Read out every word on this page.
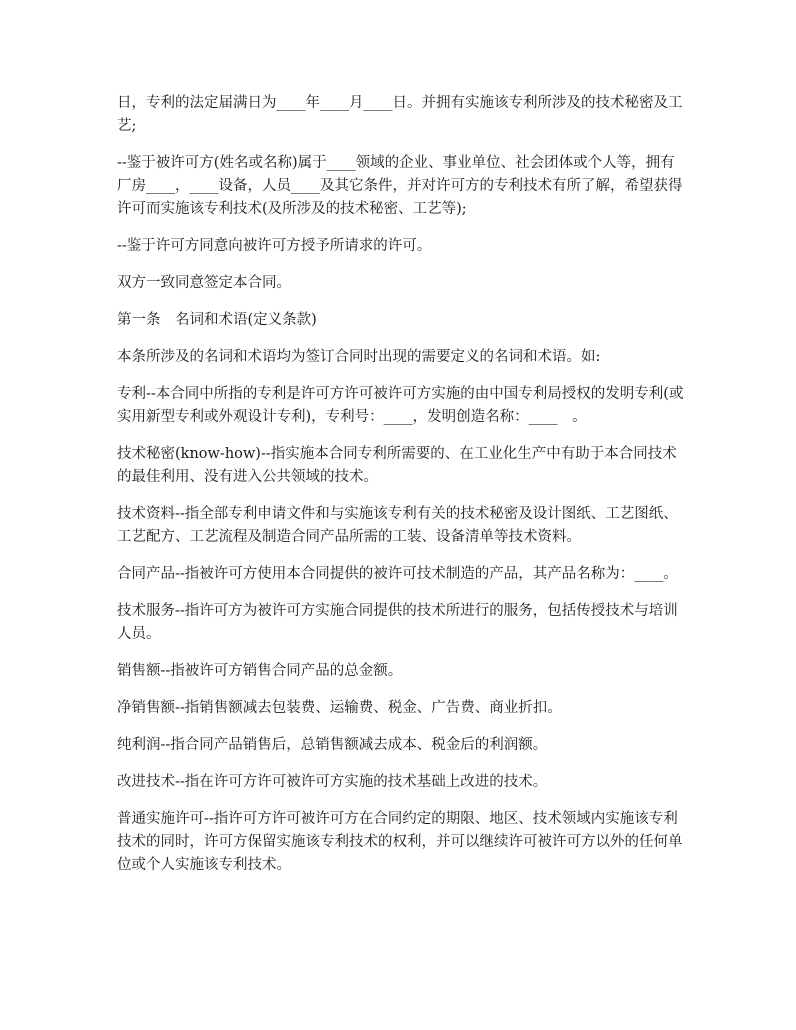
日，专利的法定届满日为____年____月____日。并拥有实施该专利所涉及的技术秘密及工艺;

--鉴于被许可方(姓名或名称)属于____领域的企业、事业单位、社会团体或个人等，拥有厂房____，____设备，人员____及其它条件，并对许可方的专利技术有所了解，希望获得许可而实施该专利技术(及所涉及的技术秘密、工艺等);

--鉴于许可方同意向被许可方授予所请求的许可。

双方一致同意签定本合同。

第一条　名词和术语(定义条款)

本条所涉及的名词和术语均为签订合同时出现的需要定义的名词和术语。如:

专利--本合同中所指的专利是许可方许可被许可方实施的由中国专利局授权的发明专利(或实用新型专利或外观设计专利)，专利号：____，发明创造名称：____　。

技术秘密(know-how)--指实施本合同专利所需要的、在工业化生产中有助于本合同技术的最佳利用、没有进入公共领域的技术。

技术资料--指全部专利申请文件和与实施该专利有关的技术秘密及设计图纸、工艺图纸、工艺配方、工艺流程及制造合同产品所需的工装、设备清单等技术资料。

合同产品--指被许可方使用本合同提供的被许可技术制造的产品，其产品名称为：____。

技术服务--指许可方为被许可方实施合同提供的技术所进行的服务，包括传授技术与培训人员。

销售额--指被许可方销售合同产品的总金额。

净销售额--指销售额减去包装费、运输费、税金、广告费、商业折扣。

纯利润--指合同产品销售后，总销售额减去成本、税金后的利润额。

改进技术--指在许可方许可被许可方实施的技术基础上改进的技术。

普通实施许可--指许可方许可被许可方在合同约定的期限、地区、技术领域内实施该专利技术的同时，许可方保留实施该专利技术的权利，并可以继续许可被许可方以外的任何单位或个人实施该专利技术。
